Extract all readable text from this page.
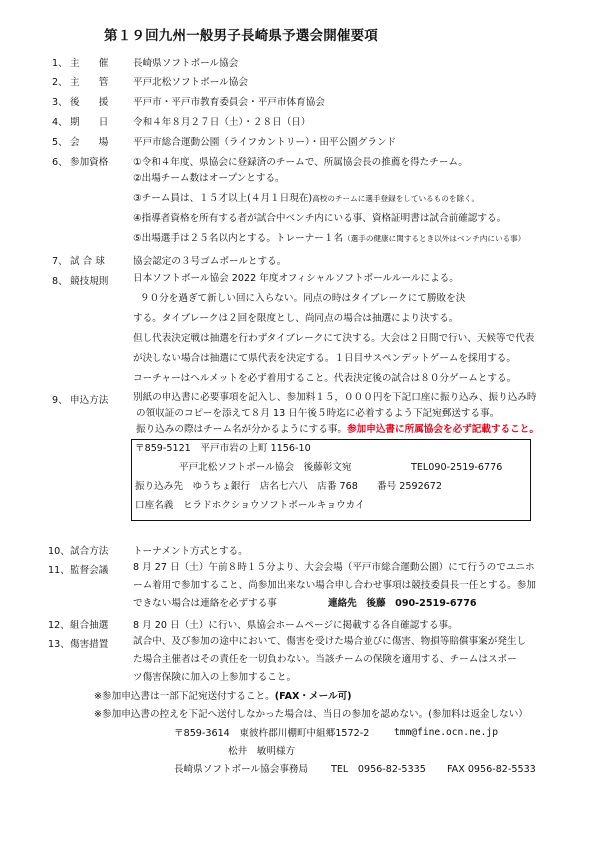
第１９回九州一般男子長崎県予選会開催要項
1、 主　　催	長崎県ソフトボール協会
2、 主　　管	平戸北松ソフトボール協会
3、 後　　援	平戸市・平戸市教育委員会・平戸市体育協会
4、 期　　日	令和４年８月２７日（土）・２８日（日）
5、 会　　場	平戸市総合運動公園（ライフカントリー）・田平公園グランド
6、 参加資格	①令和４年度、県協会に登録済のチームで、所属協会長の推薦を得たチーム。
②出場チーム数はオープンとする。
③チーム員は、１５才以上(４月１日現在)高校のチームに選手登録をしているものを除く。
④指導者資格を所有する者が試合中ベンチ内にいる事、資格証明書は試合前確認する。
⑤出場選手は２５名以内とする。トレーナー１名（選手の健康に関するとき以外はベンチ内にいる事）
7、 試 合 球	協会認定の３号ゴムボールとする。
8、 競技規則	日本ソフトボール協会 2022 年度オフィシャルソフトボールルールによる。
９０分を過ぎて新しい回に入らない。同点の時はタイブレークにて勝敗を決
する。タイブレークは２回を限度とし、尚同点の場合は抽選により決する。
但し代表決定戦は抽選を行わずタイブレークにて決する。大会は２日間で行い、天候等で代表
が決しない場合は抽選にて県代表を決定する。１日目サスペンデットゲームを採用する。
コーチャーはヘルメットを必ず着用すること。代表決定後の試合は８０分ゲームとする。
9、 申込方法	別紙の申込書に必要事項を記入し、参加料１５，０００円を下記口座に振り込み、振り込み時
の領収証のコピーを添えて８月 13 日午後５時迄に必着するよう下記宛郵送する事。
振り込みの際はチーム名が分かるようにする事。参加申込書に所属協会を必ず記載すること。
〒859-5121　平戸市岩の上町 1156-10
平戸北松ソフトボール協会　後藤彰文宛	TEL090-2519-6776
振り込み先　ゆうちょ銀行　店名七六八　店番 768　　番号 2592672
口座名義　ヒラドホクショウソフトボールキョウカイ
10、 試合方法	トーナメント方式とする。
11、 監督会議	8 月 27 日（土）午前８時１５分より、大会会場（平戸市総合運動公園）にて行うのでユニホ
ーム着用で参加すること、尚参加出来ない場合申し合わせ事項は競技委員長一任とする。参加
できない場合は連絡を必ずする事	連絡先　後藤　090-2519-6776
12、 組合抽選	8 月 20 日（土）に行い、県協会ホームページに掲載する各自確認する事。
13、 傷害措置	試合中、及び参加の途中において、傷害を受けた場合並びに傷害、物損等賠償事案が発生し
た場合主催者はその責任を一切負わない。当該チームの保険を適用する、チームはスポー
ツ傷害保険に加入の上参加すること。
※参加申込書は一部下記宛送付すること。(FAX・メール可)
※参加申込書の控えを下記へ送付しなかった場合は、当日の参加を認めない。(参加料は返金しない）
〒859-3614　東彼杵郡川棚町中組郷1572-2	tmm@fine.ocn.ne.jp
松井　敏明様方
長崎県ソフトボール協会事務局 TEL　0956-82-5335 FAX 0956-82-5533
